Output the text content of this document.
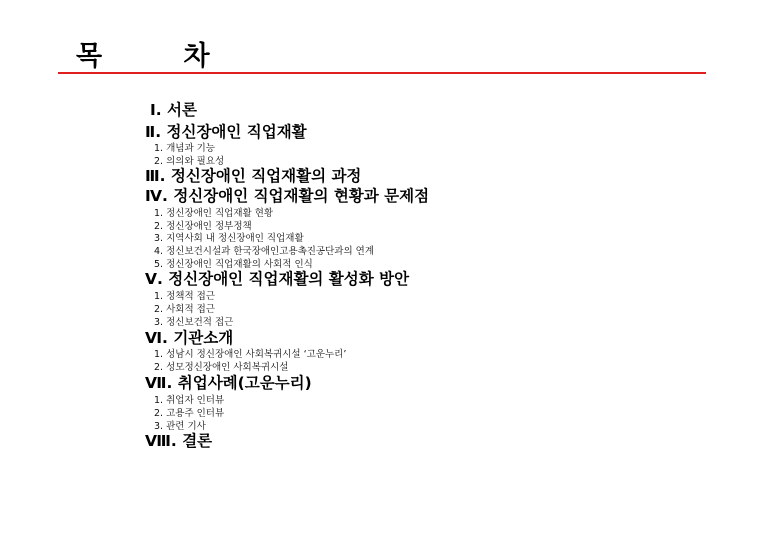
목 차
Ⅰ. 서론
Ⅱ. 정신장애인 직업재활
1. 개념과 기능
2. 의의와 필요성
Ⅲ. 정신장애인 직업재활의 과정
Ⅳ. 정신장애인 직업재활의 현황과 문제점
1. 정신장애인 직업재활 현황
2. 정신장애인 정부정책
3. 지역사회 내 정신장애인 직업재활
4. 정신보건시설과 한국장애인고용촉진공단과의 연계
5. 정신장애인 직업재활의 사회적 인식
Ⅴ. 정신장애인 직업재활의 활성화 방안
1. 정책적 접근
2. 사회적 접근
3. 정신보건적 접근
Ⅵ. 기관소개
1. 성남시 정신장애인 사회복귀시설 ‘고운누리’
2. 성모정신장애인 사회복귀시설
Ⅶ. 취업사례(고운누리)
1. 취업자 인터뷰
2. 고용주 인터뷰
3. 관련 기사
Ⅷ. 결론
